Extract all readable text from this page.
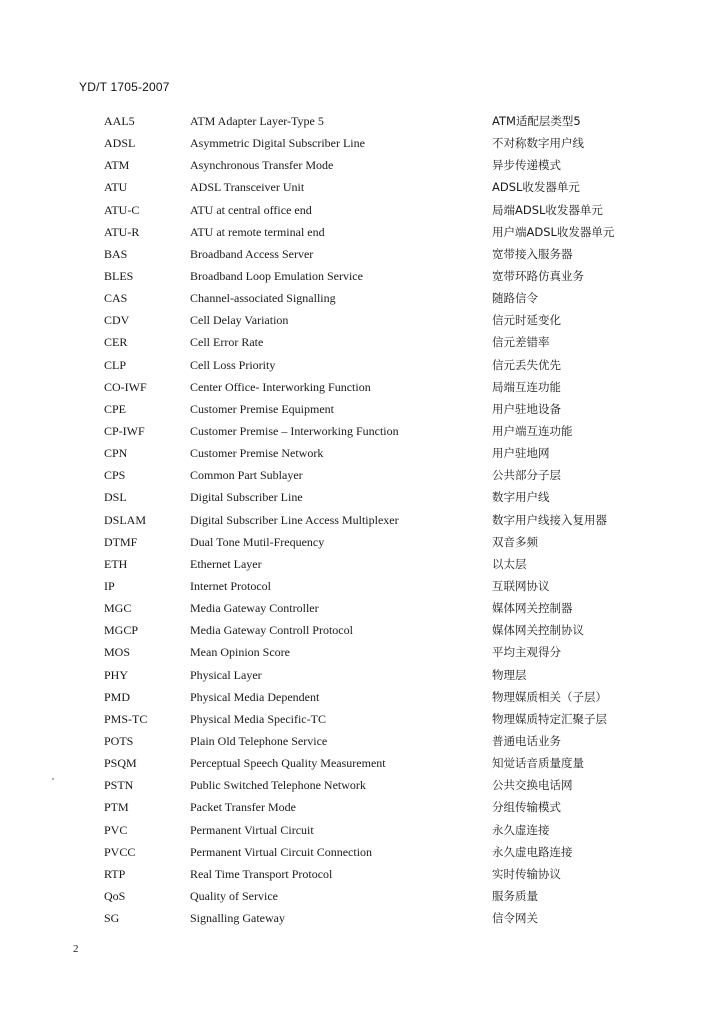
YD/T 1705-2007
AAL5	ATM Adapter Layer-Type 5	ATM适配层类型5
ADSL	Asymmetric Digital Subscriber Line	不对称数字用户线
ATM	Asynchronous Transfer Mode	异步传递模式
ATU	ADSL Transceiver Unit	ADSL收发器单元
ATU-C	ATU at central office end	局端ADSL收发器单元
ATU-R	ATU at remote terminal end	用户端ADSL收发器单元
BAS	Broadband Access Server	宽带接入服务器
BLES	Broadband Loop Emulation Service	宽带环路仿真业务
CAS	Channel-associated Signalling	随路信令
CDV	Cell Delay Variation	信元时延变化
CER	Cell Error Rate	信元差错率
CLP	Cell Loss Priority	信元丢失优先
CO-IWF	Center Office- Interworking Function	局端互连功能
CPE	Customer Premise Equipment	用户驻地设备
CP-IWF	Customer Premise – Interworking Function	用户端互连功能
CPN	Customer Premise Network	用户驻地网
CPS	Common Part Sublayer	公共部分子层
DSL	Digital Subscriber Line	数字用户线
DSLAM	Digital Subscriber Line Access Multiplexer	数字用户线接入复用器
DTMF	Dual Tone Mutil-Frequency	双音多频
ETH	Ethernet Layer	以太层
IP	Internet Protocol	互联网协议
MGC	Media Gateway Controller	媒体网关控制器
MGCP	Media Gateway Controll Protocol	媒体网关控制协议
MOS	Mean Opinion Score	平均主观得分
PHY	Physical Layer	物理层
PMD	Physical Media Dependent	物理媒质相关（子层）
PMS-TC	Physical Media Specific-TC	物理媒质特定汇聚子层
POTS	Plain Old Telephone Service	普通电话业务
PSQM	Perceptual Speech Quality Measurement	知觉话音质量度量
PSTN	Public Switched Telephone Network	公共交换电话网
PTM	Packet Transfer Mode	分组传输模式
PVC	Permanent Virtual Circuit	永久虚连接
PVCC	Permanent Virtual Circuit Connection	永久虚电路连接
RTP	Real Time Transport Protocol	实时传输协议
QoS	Quality of Service	服务质量
SG	Signalling Gateway	信令网关
2
